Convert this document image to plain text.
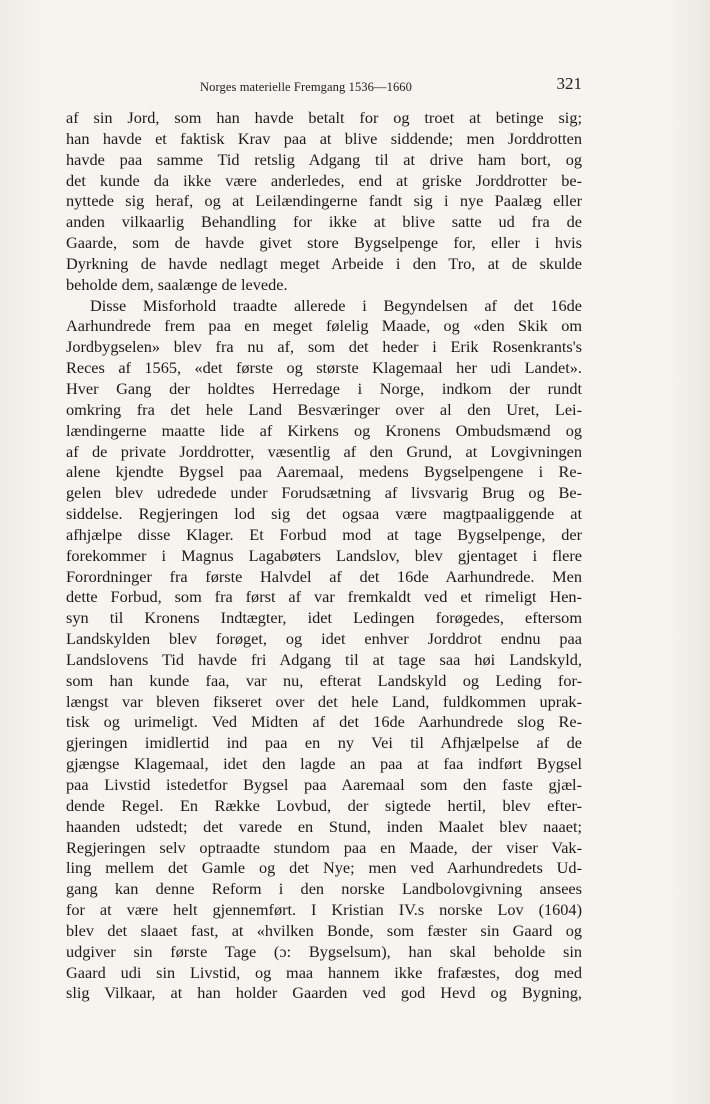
Norges materielle Fremgang 1536—1660	321
af sin Jord, som han havde betalt for og troet at betinge sig;
han havde et faktisk Krav paa at blive siddende; men Jorddrotten
havde paa samme Tid retslig Adgang til at drive ham bort, og
det kunde da ikke være anderledes, end at griske Jorddrotter be-
nyttede sig heraf, og at Leilændingerne fandt sig i nye Paalæg eller
anden vilkaarlig Behandling for ikke at blive satte ud fra de
Gaarde, som de havde givet store Bygselpenge for, eller i hvis
Dyrkning de havde nedlagt meget Arbeide i den Tro, at de skulde
beholde dem, saalænge de levede.
Disse Misforhold traadte allerede i Begyndelsen af det 16de
Aarhundrede frem paa en meget følelig Maade, og «den Skik om
Jordbygselen» blev fra nu af, som det heder i Erik Rosenkrants's
Reces af 1565, «det første og største Klagemaal her udi Landet».
Hver Gang der holdtes Herredage i Norge, indkom der rundt
omkring fra det hele Land Besværinger over al den Uret, Lei-
lændingerne maatte lide af Kirkens og Kronens Ombudsmænd og
af de private Jorddrotter, væsentlig af den Grund, at Lovgivningen
alene kjendte Bygsel paa Aaremaal, medens Bygselpengene i Re-
gelen blev udredede under Forudsætning af livsvarig Brug og Be-
siddelse. Regjeringen lod sig det ogsaa være magtpaaliggende at
afhjælpe disse Klager. Et Forbud mod at tage Bygselpenge, der
forekommer i Magnus Lagabøters Landslov, blev gjentaget i flere
Forordninger fra første Halvdel af det 16de Aarhundrede. Men
dette Forbud, som fra først af var fremkaldt ved et rimeligt Hen-
syn til Kronens Indtægter, idet Ledingen forøgedes, eftersom
Landskylden blev forøget, og idet enhver Jorddrot endnu paa
Landslovens Tid havde fri Adgang til at tage saa høi Landskyld,
som han kunde faa, var nu, efterat Landskyld og Leding for-
længst var bleven fikseret over det hele Land, fuldkommen uprak-
tisk og urimeligt. Ved Midten af det 16de Aarhundrede slog Re-
gjeringen imidlertid ind paa en ny Vei til Afhjælpelse af de
gjængse Klagemaal, idet den lagde an paa at faa indført Bygsel
paa Livstid istedetfor Bygsel paa Aaremaal som den faste gjæl-
dende Regel. En Række Lovbud, der sigtede hertil, blev efter-
haanden udstedt; det varede en Stund, inden Maalet blev naaet;
Regjeringen selv optraadte stundom paa en Maade, der viser Vak-
ling mellem det Gamle og det Nye; men ved Aarhundredets Ud-
gang kan denne Reform i den norske Landbolovgivning ansees
for at være helt gjennemført. I Kristian IV.s norske Lov (1604)
blev det slaaet fast, at «hvilken Bonde, som fæster sin Gaard og
udgiver sin første Tage (ɔ: Bygselsum), han skal beholde sin
Gaard udi sin Livstid, og maa hannem ikke frafæstes, dog med
slig Vilkaar, at han holder Gaarden ved god Hevd og Bygning,
